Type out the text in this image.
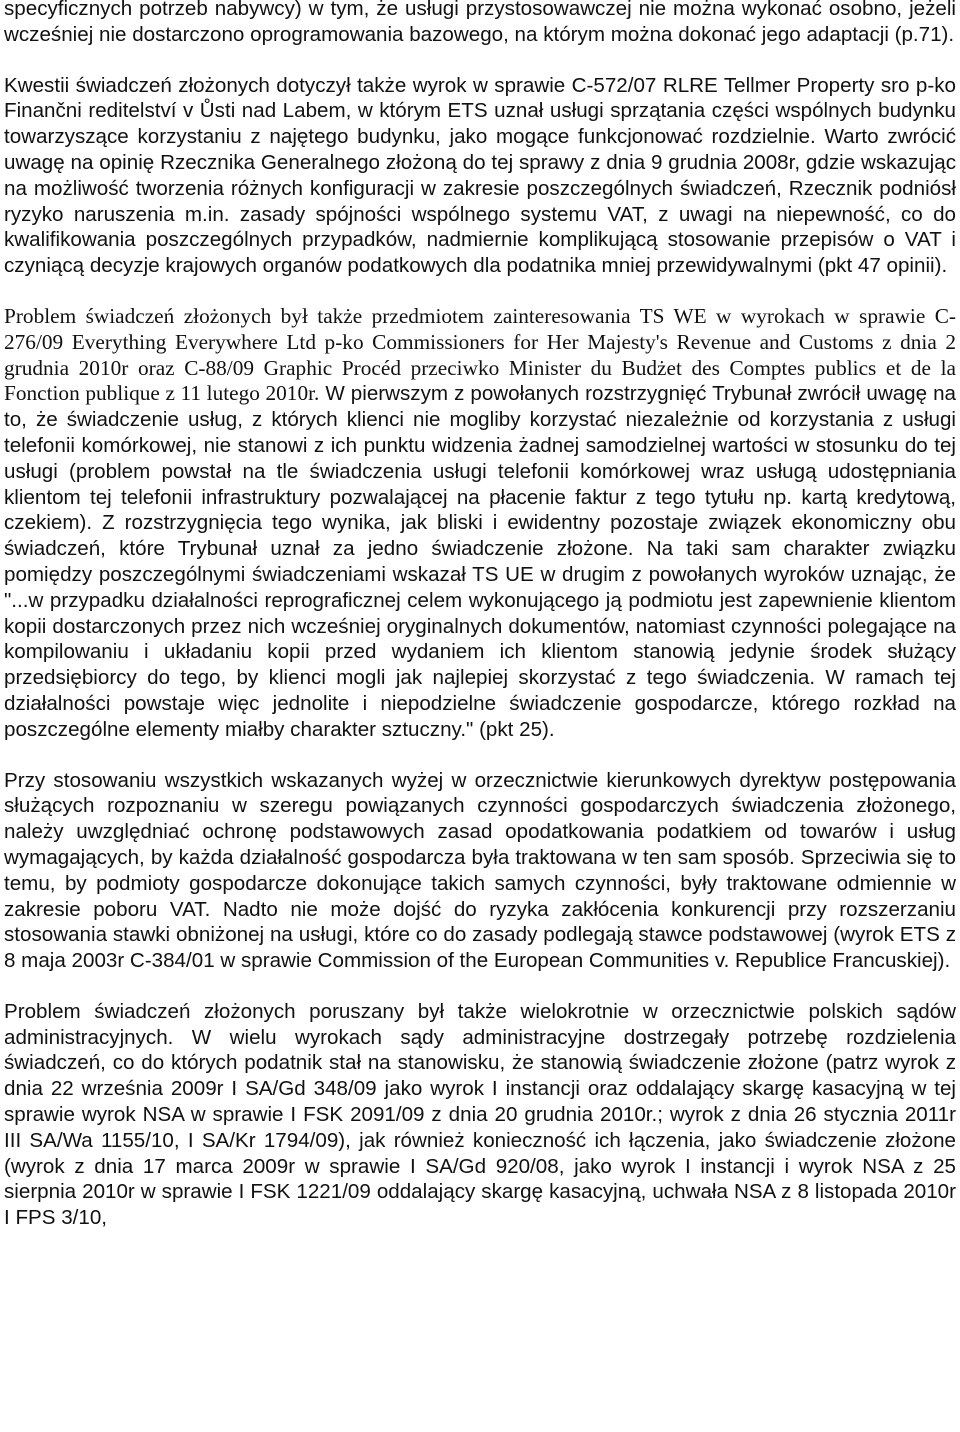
specyficznych potrzeb nabywcy) w tym, że usługi przystosowawczej nie można wykonać osobno, jeżeli wcześniej nie dostarczono oprogramowania bazowego, na którym można dokonać jego adaptacji (p.71).

Kwestii świadczeń złożonych dotyczył także wyrok w sprawie C-572/07 RLRE Tellmer Property sro p-ko Finančni reditelství v Ůsti nad Labem, w którym ETS uznał usługi sprzątania części wspólnych budynku towarzyszące korzystaniu z najętego budynku, jako mogące funkcjonować rozdzielnie. Warto zwrócić uwagę na opinię Rzecznika Generalnego złożoną do tej sprawy z dnia 9 grudnia 2008r, gdzie wskazując na możliwość tworzenia różnych konfiguracji w zakresie poszczególnych świadczeń, Rzecznik podniósł ryzyko naruszenia m.in. zasady spójności wspólnego systemu VAT, z uwagi na niepewność, co do kwalifikowania poszczególnych przypadków, nadmiernie komplikującą stosowanie przepisów o VAT i czyniącą decyzje krajowych organów podatkowych dla podatnika mniej przewidywalnymi (pkt 47 opinii).

Problem świadczeń złożonych był także przedmiotem zainteresowania TS WE w wyrokach w sprawie C-276/09 Everything Everywhere Ltd p-ko Commissioners for Her Majesty's Revenue and Customs z dnia 2 grudnia 2010r oraz C-88/09 Graphic Procéd przeciwko Minister du Budżet des Comptes publics et de la Fonction publique z 11 lutego 2010r. W pierwszym z powołanych rozstrzygnięć Trybunał zwrócił uwagę na to, że świadczenie usług, z których klienci nie mogliby korzystać niezależnie od korzystania z usługi telefonii komórkowej, nie stanowi z ich punktu widzenia żadnej samodzielnej wartości w stosunku do tej usługi (problem powstał na tle świadczenia usługi telefonii komórkowej wraz usługą udostępniania klientom tej telefonii infrastruktury pozwalającej na płacenie faktur z tego tytułu np. kartą kredytową, czekiem). Z rozstrzygnięcia tego wynika, jak bliski i ewidentny pozostaje związek ekonomiczny obu świadczeń, które Trybunał uznał za jedno świadczenie złożone. Na taki sam charakter związku pomiędzy poszczególnymi świadczeniami wskazał TS UE w drugim z powołanych wyroków uznając, że "...w przypadku działalności reprograficznej celem wykonującego ją podmiotu jest zapewnienie klientom kopii dostarczonych przez nich wcześniej oryginalnych dokumentów, natomiast czynności polegające na kompilowaniu i układaniu kopii przed wydaniem ich klientom stanowią jedynie środek służący przedsiębiorcy do tego, by klienci mogli jak najlepiej skorzystać z tego świadczenia. W ramach tej działalności powstaje więc jednolite i niepodzielne świadczenie gospodarcze, którego rozkład na poszczególne elementy miałby charakter sztuczny." (pkt 25).

Przy stosowaniu wszystkich wskazanych wyżej w orzecznictwie kierunkowych dyrektyw postępowania służących rozpoznaniu w szeregu powiązanych czynności gospodarczych świadczenia złożonego, należy uwzględniać ochronę podstawowych zasad opodatkowania podatkiem od towarów i usług wymagających, by każda działalność gospodarcza była traktowana w ten sam sposób. Sprzeciwia się to temu, by podmioty gospodarcze dokonujące takich samych czynności, były traktowane odmiennie w zakresie poboru VAT. Nadto nie może dojść do ryzyka zakłócenia konkurencji przy rozszerzaniu stosowania stawki obniżonej na usługi, które co do zasady podlegają stawce podstawowej (wyrok ETS z 8 maja 2003r C-384/01 w sprawie Commission of the European Communities v. Republice Francuskiej).

Problem świadczeń złożonych poruszany był także wielokrotnie w orzecznictwie polskich sądów administracyjnych. W wielu wyrokach sądy administracyjne dostrzegały potrzebę rozdzielenia świadczeń, co do których podatnik stał na stanowisku, że stanowią świadczenie złożone (patrz wyrok z dnia 22 września 2009r I SA/Gd 348/09 jako wyrok I instancji oraz oddalający skargę kasacyjną w tej sprawie wyrok NSA w sprawie I FSK 2091/09 z dnia 20 grudnia 2010r.; wyrok z dnia 26 stycznia 2011r III SA/Wa 1155/10, I SA/Kr 1794/09), jak również konieczność ich łączenia, jako świadczenie złożone (wyrok z dnia 17 marca 2009r w sprawie I SA/Gd 920/08, jako wyrok I instancji i wyrok NSA z 25 sierpnia 2010r w sprawie I FSK 1221/09 oddalający skargę kasacyjną, uchwała NSA z 8 listopada 2010r I FPS 3/10,
